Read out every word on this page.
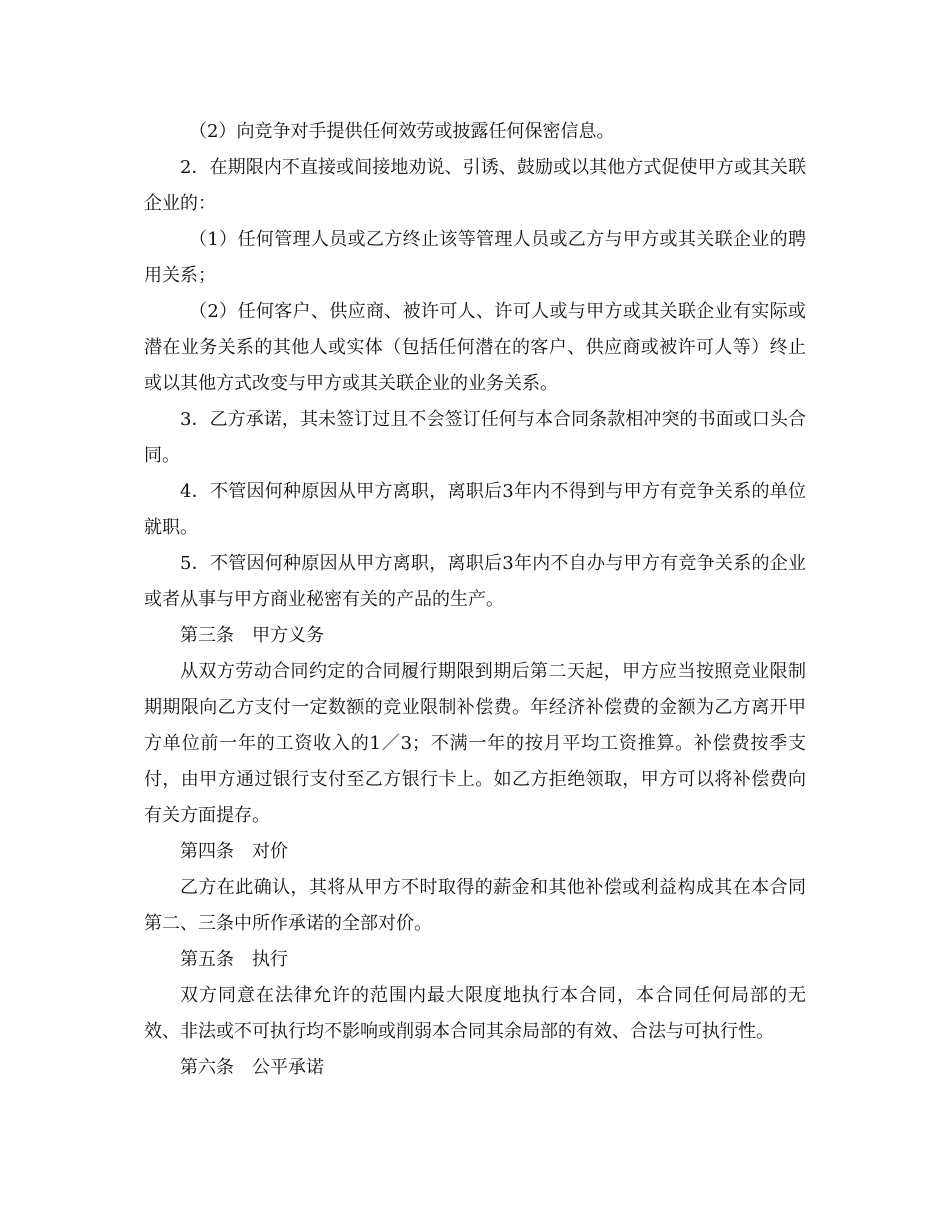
（2）向竞争对手提供任何效劳或披露任何保密信息。

2．在期限内不直接或间接地劝说、引诱、鼓励或以其他方式促使甲方或其关联企业的：

（1）任何管理人员或乙方终止该等管理人员或乙方与甲方或其关联企业的聘用关系；

（2）任何客户、供应商、被许可人、许可人或与甲方或其关联企业有实际或潜在业务关系的其他人或实体（包括任何潜在的客户、供应商或被许可人等）终止或以其他方式改变与甲方或其关联企业的业务关系。

3．乙方承诺，其未签订过且不会签订任何与本合同条款相冲突的书面或口头合同。

4．不管因何种原因从甲方离职，离职后3年内不得到与甲方有竞争关系的单位就职。

5．不管因何种原因从甲方离职，离职后3年内不自办与甲方有竞争关系的企业或者从事与甲方商业秘密有关的产品的生产。

第三条　甲方义务

从双方劳动合同约定的合同履行期限到期后第二天起，甲方应当按照竞业限制期期限向乙方支付一定数额的竞业限制补偿费。年经济补偿费的金额为乙方离开甲方单位前一年的工资收入的1／3；不满一年的按月平均工资推算。补偿费按季支付，由甲方通过银行支付至乙方银行卡上。如乙方拒绝领取，甲方可以将补偿费向有关方面提存。

第四条　对价

乙方在此确认，其将从甲方不时取得的薪金和其他补偿或利益构成其在本合同第二、三条中所作承诺的全部对价。

第五条　执行

双方同意在法律允许的范围内最大限度地执行本合同，本合同任何局部的无效、非法或不可执行均不影响或削弱本合同其余局部的有效、合法与可执行性。

第六条　公平承诺
